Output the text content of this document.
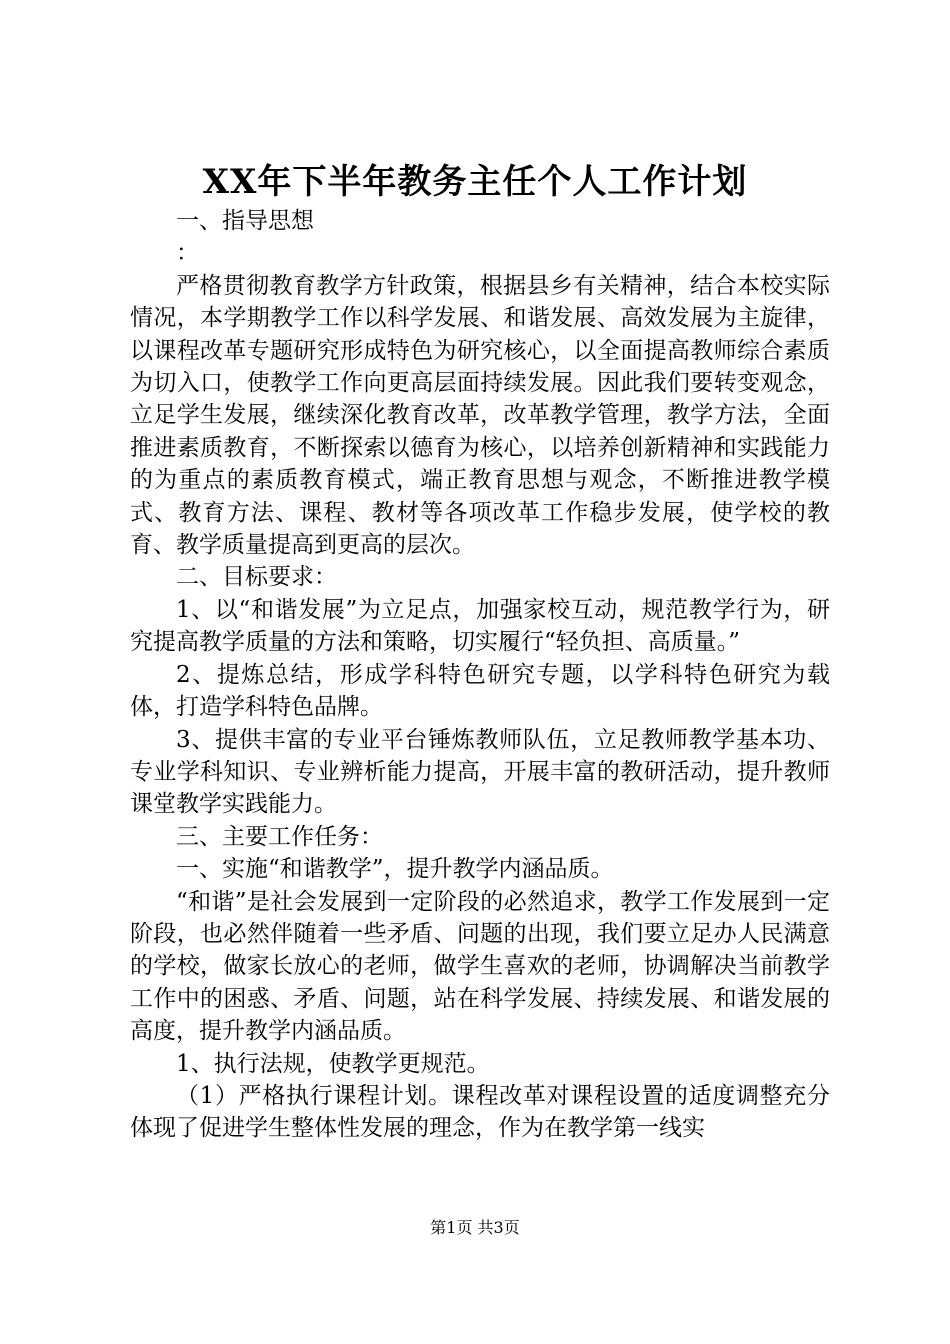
XX年下半年教务主任个人工作计划

一、指导思想

：

严格贯彻教育教学方针政策，根据县乡有关精神，结合本校实际情况，本学期教学工作以科学发展、和谐发展、高效发展为主旋律，以课程改革专题研究形成特色为研究核心，以全面提高教师综合素质为切入口，使教学工作向更高层面持续发展。因此我们要转变观念，立足学生发展，继续深化教育改革，改革教学管理，教学方法，全面推进素质教育，不断探索以德育为核心，以培养创新精神和实践能力的为重点的素质教育模式，端正教育思想与观念，不断推进教学模式、教育方法、课程、教材等各项改革工作稳步发展，使学校的教育、教学质量提高到更高的层次。

二、目标要求：

1、以“和谐发展”为立足点，加强家校互动，规范教学行为，研究提高教学质量的方法和策略，切实履行“轻负担、高质量。”

2、提炼总结，形成学科特色研究专题，以学科特色研究为载体，打造学科特色品牌。

3、提供丰富的专业平台锤炼教师队伍，立足教师教学基本功、专业学科知识、专业辨析能力提高，开展丰富的教研活动，提升教师课堂教学实践能力。

三、主要工作任务：

一、实施“和谐教学”，提升教学内涵品质。

“和谐”是社会发展到一定阶段的必然追求，教学工作发展到一定阶段，也必然伴随着一些矛盾、问题的出现，我们要立足办人民满意的学校，做家长放心的老师，做学生喜欢的老师，协调解决当前教学工作中的困惑、矛盾、问题，站在科学发展、持续发展、和谐发展的高度，提升教学内涵品质。

1、执行法规，使教学更规范。

（1）严格执行课程计划。课程改革对课程设置的适度调整充分体现了促进学生整体性发展的理念，作为在教学第一线实

第1页 共3页
